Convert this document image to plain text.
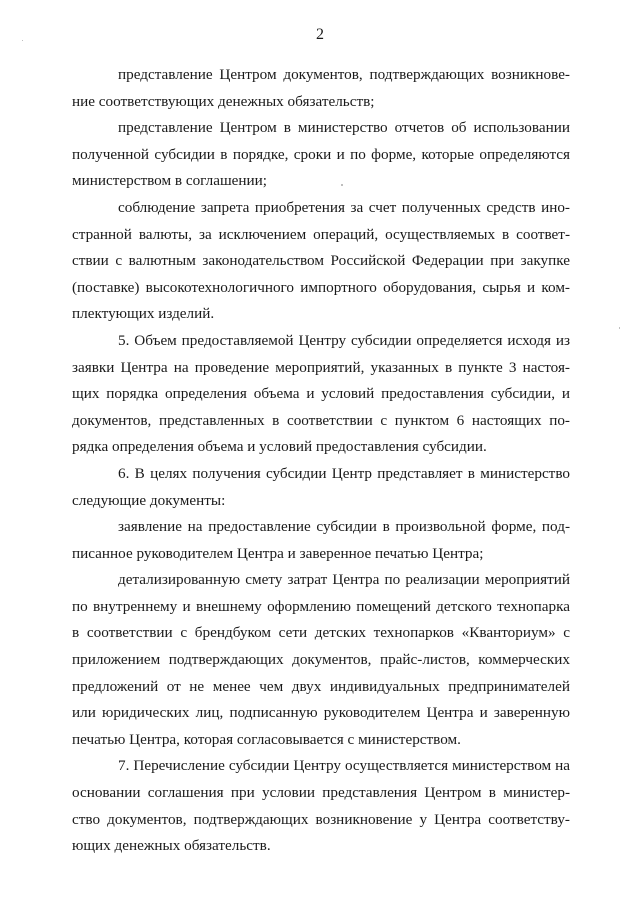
2
представление Центром документов, подтверждающих возникнове-
ние соответствующих денежных обязательств;
представление Центром в министерство отчетов об использовании
полученной субсидии в порядке, сроки и по форме, которые определяются
министерством в соглашении;
соблюдение запрета приобретения за счет полученных средств ино-
странной валюты, за исключением операций, осуществляемых в соответ-
ствии с валютным законодательством Российской Федерации при закупке
(поставке) высокотехнологичного импортного оборудования, сырья и ком-
плектующих изделий.
5. Объем предоставляемой Центру субсидии определяется исходя из
заявки Центра на проведение мероприятий, указанных в пункте 3 настоя-
щих порядка определения объема и условий предоставления субсидии, и
документов, представленных в соответствии с пунктом 6 настоящих по-
рядка определения объема и условий предоставления субсидии.
6. В целях получения субсидии Центр представляет в министерство
следующие документы:
заявление на предоставление субсидии в произвольной форме, под-
писанное руководителем Центра и заверенное печатью Центра;
детализированную смету затрат Центра по реализации мероприятий
по внутреннему и внешнему оформлению помещений детского технопарка
в соответствии с брендбуком сети детских технопарков «Кванториум» с
приложением подтверждающих документов, прайс-листов, коммерческих
предложений от не менее чем двух индивидуальных предпринимателей
или юридических лиц, подписанную руководителем Центра и заверенную
печатью Центра, которая согласовывается с министерством.
7. Перечисление субсидии Центру осуществляется министерством на
основании соглашения при условии представления Центром в министер-
ство документов, подтверждающих возникновение у Центра соответству-
ющих денежных обязательств.
